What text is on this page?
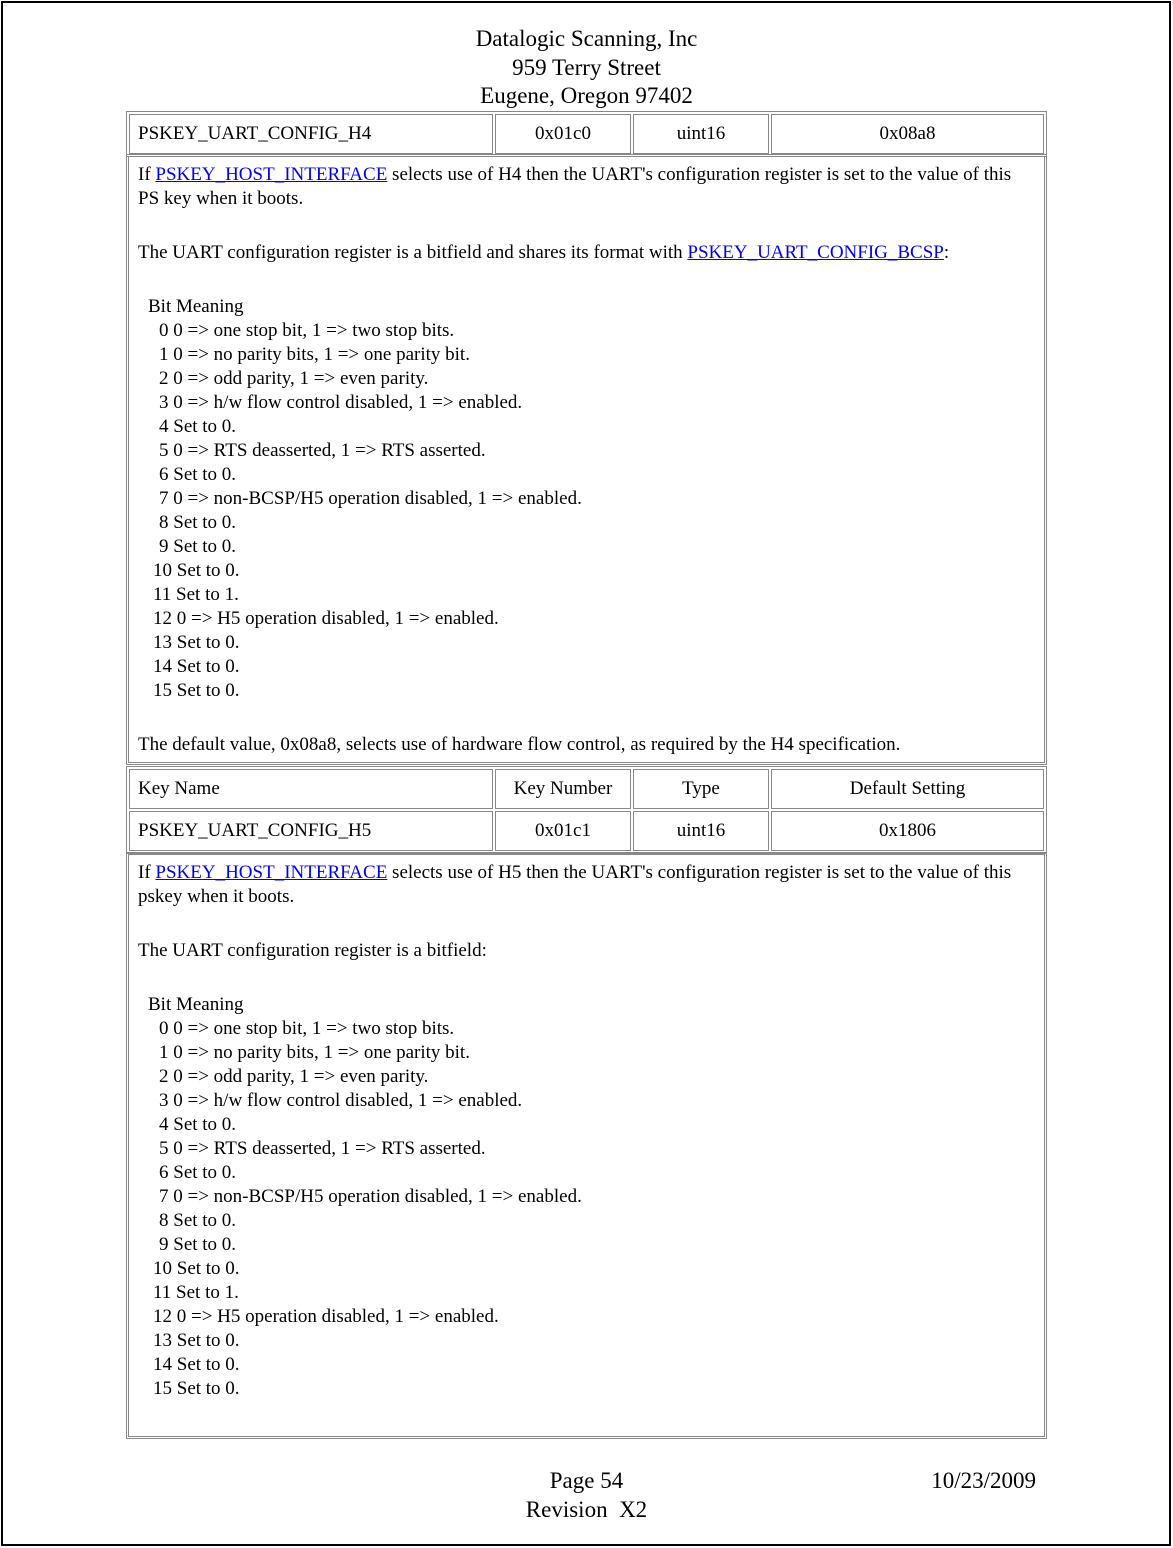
Datalogic Scanning, Inc
959 Terry Street
Eugene, Oregon 97402
PSKEY_UART_CONFIG_H4	0x01c0	uint16	0x08a8

If PSKEY_HOST_INTERFACE selects use of H4 then the UART's configuration register is set to the value of this PS key when it boots.

The UART configuration register is a bitfield and shares its format with PSKEY_UART_CONFIG_BCSP:

Bit Meaning
0 0 => one stop bit, 1 => two stop bits.
1 0 => no parity bits, 1 => one parity bit.
2 0 => odd parity, 1 => even parity.
3 0 => h/w flow control disabled, 1 => enabled.
4 Set to 0.
5 0 => RTS deasserted, 1 => RTS asserted.
6 Set to 0.
7 0 => non-BCSP/H5 operation disabled, 1 => enabled.
8 Set to 0.
9 Set to 0.
10 Set to 0.
11 Set to 1.
12 0 => H5 operation disabled, 1 => enabled.
13 Set to 0.
14 Set to 0.
15 Set to 0.

The default value, 0x08a8, selects use of hardware flow control, as required by the H4 specification.

Key Name	Key Number	Type	Default Setting
PSKEY_UART_CONFIG_H5	0x01c1	uint16	0x1806

If PSKEY_HOST_INTERFACE selects use of H5 then the UART's configuration register is set to the value of this pskey when it boots.

The UART configuration register is a bitfield:

Bit Meaning
0 0 => one stop bit, 1 => two stop bits.
1 0 => no parity bits, 1 => one parity bit.
2 0 => odd parity, 1 => even parity.
3 0 => h/w flow control disabled, 1 => enabled.
4 Set to 0.
5 0 => RTS deasserted, 1 => RTS asserted.
6 Set to 0.
7 0 => non-BCSP/H5 operation disabled, 1 => enabled.
8 Set to 0.
9 Set to 0.
10 Set to 0.
11 Set to 1.
12 0 => H5 operation disabled, 1 => enabled.
13 Set to 0.
14 Set to 0.
15 Set to 0.
Page 54
Revision  X2
10/23/2009
